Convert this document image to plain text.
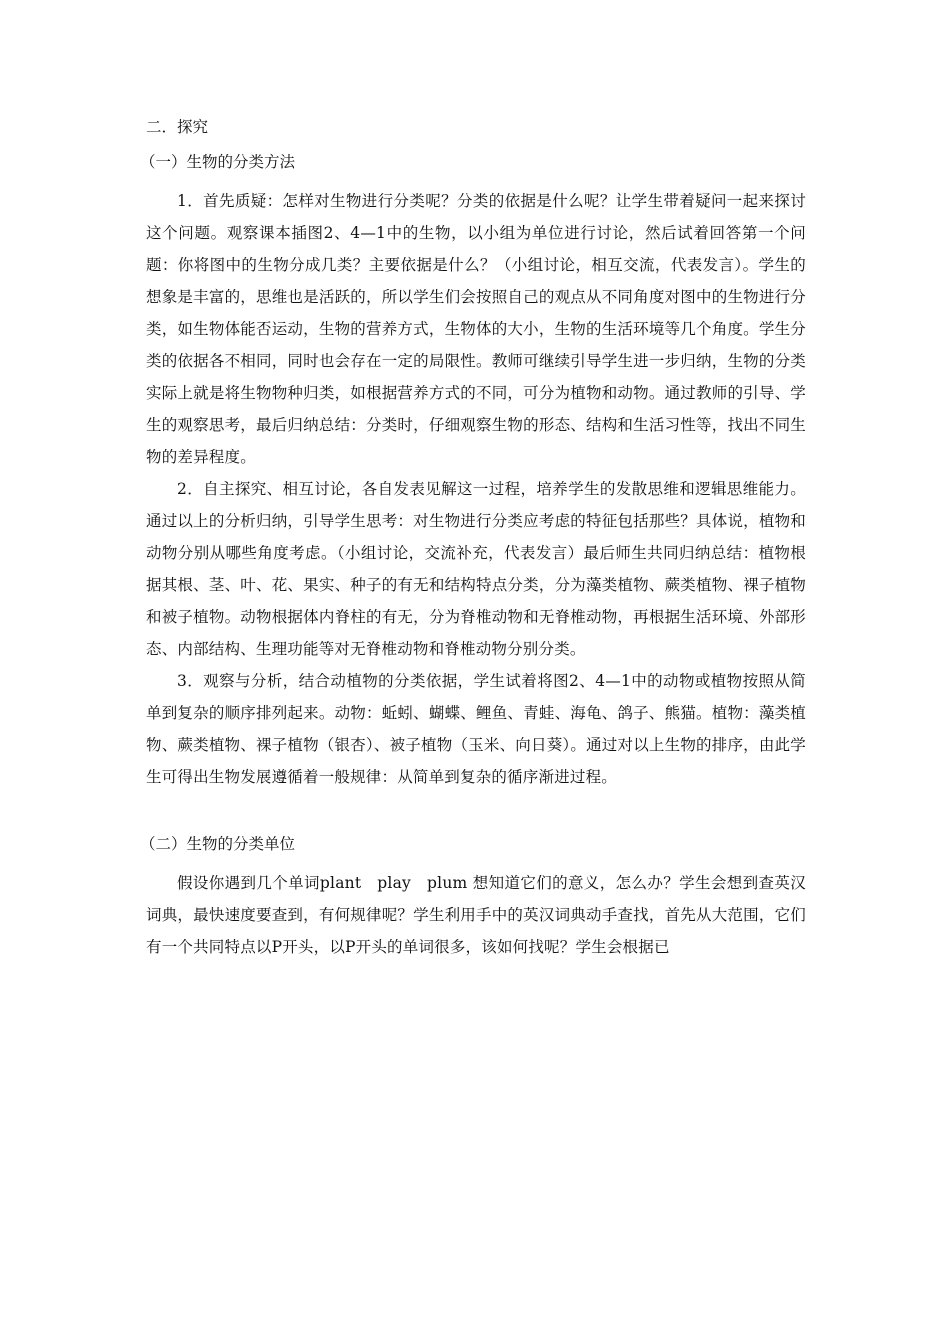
二．探究

（一）生物的分类方法

1．首先质疑：怎样对生物进行分类呢？分类的依据是什么呢？让学生带着疑问一起来探讨这个问题。观察课本插图2、4—1中的生物，以小组为单位进行讨论，然后试着回答第一个问题：你将图中的生物分成几类？主要依据是什么？（小组讨论，相互交流，代表发言）。学生的想象是丰富的，思维也是活跃的，所以学生们会按照自己的观点从不同角度对图中的生物进行分类，如生物体能否运动，生物的营养方式，生物体的大小，生物的生活环境等几个角度。学生分类的依据各不相同，同时也会存在一定的局限性。教师可继续引导学生进一步归纳，生物的分类实际上就是将生物物种归类，如根据营养方式的不同，可分为植物和动物。通过教师的引导、学生的观察思考，最后归纳总结：分类时，仔细观察生物的形态、结构和生活习性等，找出不同生物的差异程度。

2．自主探究、相互讨论，各自发表见解这一过程，培养学生的发散思维和逻辑思维能力。通过以上的分析归纳，引导学生思考：对生物进行分类应考虑的特征包括那些？具体说，植物和动物分别从哪些角度考虑。（小组讨论，交流补充，代表发言）最后师生共同归纳总结：植物根据其根、茎、叶、花、果实、种子的有无和结构特点分类，分为藻类植物、蕨类植物、裸子植物和被子植物。动物根据体内脊柱的有无，分为脊椎动物和无脊椎动物，再根据生活环境、外部形态、内部结构、生理功能等对无脊椎动物和脊椎动物分别分类。

3．观察与分析，结合动植物的分类依据，学生试着将图2、4—1中的动物或植物按照从简单到复杂的顺序排列起来。动物：蚯蚓、蝴蝶、鲤鱼、青蛙、海龟、鸽子、熊猫。植物：藻类植物、蕨类植物、裸子植物（银杏）、被子植物（玉米、向日葵）。通过对以上生物的排序，由此学生可得出生物发展遵循着一般规律：从简单到复杂的循序渐进过程。

（二）生物的分类单位

假设你遇到几个单词plant　play　plum 想知道它们的意义，怎么办？学生会想到查英汉词典，最快速度要查到，有何规律呢？学生利用手中的英汉词典动手查找，首先从大范围，它们有一个共同特点以P开头，以P开头的单词很多，该如何找呢？学生会根据已
